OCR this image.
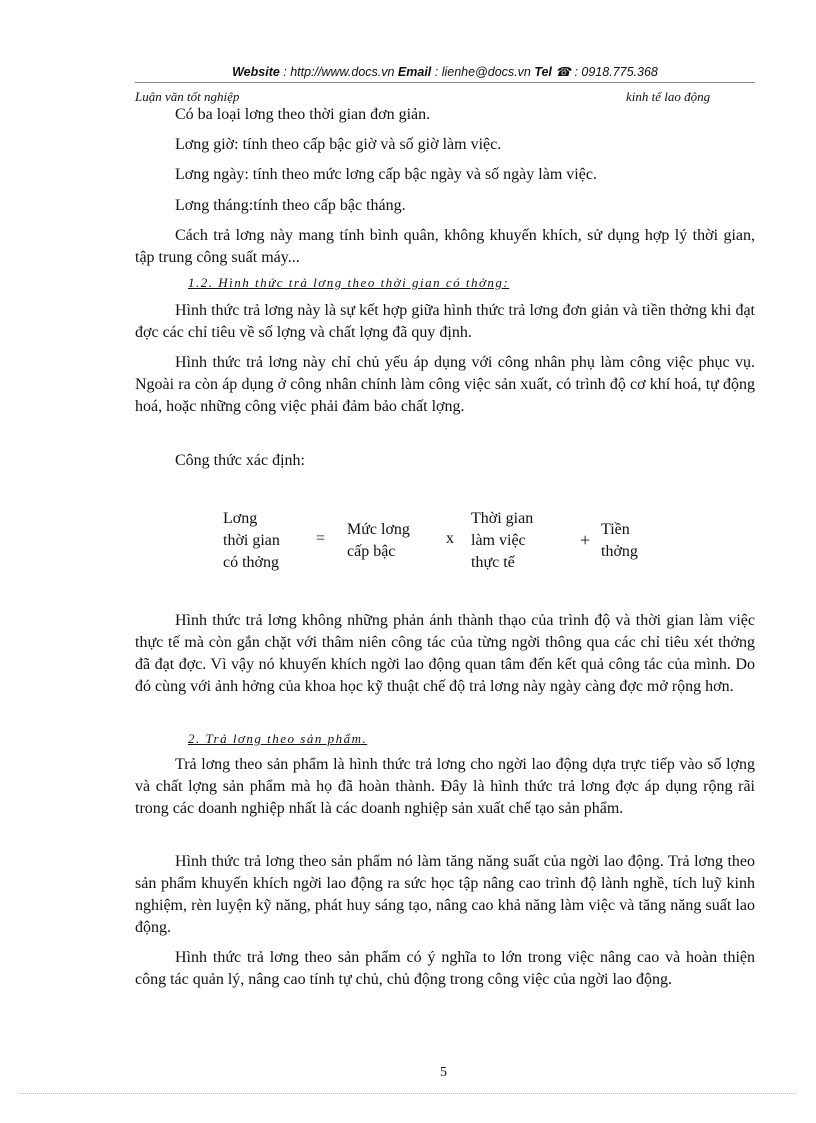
Website : http://www.docs.vn Email : lienhe@docs.vn Tel ☎ : 0918.775.368
Luận văn tốt nghiệp	kinh tế lao động

Có ba loại lơng theo thời gian đơn giản.

Lơng giờ: tính theo cấp bậc giờ và số giờ làm việc.

Lơng ngày: tính theo mức lơng cấp bậc ngày và số ngày làm việc.

Lơng tháng:tính theo cấp bậc tháng.

Cách trả lơng này mang tính bình quân, không khuyến khích, sử dụng hợp lý thời gian, tập trung công suất máy...

1.2. Hình thức trả lơng theo thời gian có thởng:

Hình thức trả lơng này là sự kết hợp giữa hình thức trả lơng đơn giản và tiền thởng khi đạt đợc các chỉ tiêu về số lợng và chất lợng đã quy định.

Hình thức trả lơng này chỉ chủ yếu áp dụng với công nhân phụ làm công việc phục vụ. Ngoài ra còn áp dụng ở công nhân chính làm công việc sản xuất, có trình độ cơ khí hoá, tự động hoá, hoặc những công việc phải đảm bảo chất lợng.

Công thức xác định:

Lơng
thời gian
có thởng
=
Mức lơng
cấp bậc
x
Thời gian
làm việc
thực tế
+
Tiền
thởng

Hình thức trả lơng không những phản ánh thành thạo của trình độ và thời gian làm việc thực tế mà còn gắn chặt với thâm niên công tác của từng ngời thông qua các chỉ tiêu xét thởng đã đạt đợc. Vì vậy nó khuyến khích ngời lao động quan tâm đến kết quả công tác của mình. Do đó cùng với ảnh hởng của khoa học kỹ thuật chế độ trả lơng này ngày càng đợc mở rộng hơn.

2. Trả lơng theo sản phẩm.

Trả lơng theo sản phẩm là hình thức trả lơng cho ngời lao động dựa trực tiếp vào số lợng và chất lợng sản phẩm mà họ đã hoàn thành. Đây là hình thức trả lơng đợc áp dụng rộng rãi trong các doanh nghiệp nhất là các doanh nghiệp sản xuất chế tạo sản phẩm.

Hình thức trả lơng theo sản phẩm nó làm tăng năng suất của ngời lao động. Trả lơng theo sản phẩm khuyến khích ngời lao động ra sức học tập nâng cao trình độ lành nghề, tích luỹ kinh nghiệm, rèn luyện kỹ năng, phát huy sáng tạo, nâng cao khả năng làm việc và tăng năng suất lao động.

Hình thức trả lơng theo sản phẩm có ý nghĩa to lớn trong việc nâng cao và hoàn thiện công tác quản lý, nâng cao tính tự chủ, chủ động trong công việc của ngời lao động.

5
